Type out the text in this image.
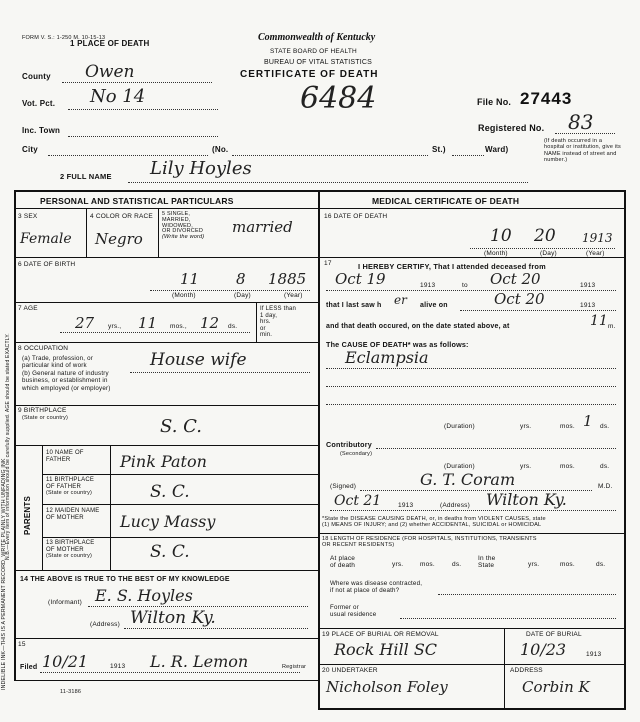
FORM V. S.: 1-250 M. 10-15-13	Commonwealth of Kentucky
STATE BOARD OF HEALTH
BUREAU OF VITAL STATISTICS
CERTIFICATE OF DEATH
1 PLACE OF DEATH
County Owen
Vot. Pct. No 14	6484	File No. 27443
Inc. Town	Registered No. 83
City	(No.	St.)	Ward)
(If death occurred in a hospital or institution, give its NAME instead of street and number.)
2 FULL NAME Lily Hoyles
PERSONAL AND STATISTICAL PARTICULARS	MEDICAL CERTIFICATE OF DEATH
3 SEX
Female
4 COLOR OR RACE
Negro
5 SINGLE,
MARRIED,
WIDOWED,
OR DIVORCED
(Write the word)
married
6 DATE OF BIRTH
11 8 1885
(Month)	(Day)	(Year)
7 AGE
27 yrs., 11 mos., 12 ds.
If LESS than
1 day,
hrs.
or
min.
8 OCCUPATION
(a) Trade, profession, or
particular kind of work
(b) General nature of industry
business, or establishment in
which employed (or employer)
House wife
9 BIRTHPLACE
(State or country)	S. C.
PARENTS
10 NAME OF
FATHER	Pink Paton
11 BIRTHPLACE
OF FATHER
(State or country)	S. C.
12 MAIDEN NAME
OF MOTHER	Lucy Massy
13 BIRTHPLACE
OF MOTHER
(State or country)	S. C.
14 THE ABOVE IS TRUE TO THE BEST OF MY KNOWLEDGE
(Informant) E. S. Hoyles
(Address) Wilton Ky.
15
Filed 10/21	1913 L. R. Lemon	Registrar
11-3186
16 DATE OF DEATH
10 20 1913
(Month)	(Day)	(Year)
17	I HEREBY CERTIFY, That I attended deceased from
Oct 19	1913	to Oct 20	1913
that I last saw h er alive on	Oct 20	1913
and that death occured, on the date stated above, at	11 m.
The CAUSE OF DEATH* was as follows:
Eclampsia
(Duration)	yrs.	mos. 1 ds.
Contributory
(Secondary)
(Duration)	yrs.	mos.	ds.
(Signed)	G. T. Coram	M.D.
Oct 21	1913	(Address) Wilton Ky.
*State the DISEASE CAUSING DEATH, or, in deaths from VIOLENT CAUSES, state
(1) MEANS OF INJURY; and (2) whether ACCIDENTAL, SUICIDAL or HOMICIDAL
18 LENGTH OF RESIDENCE (FOR HOSPITALS, INSTITUTIONS, TRANSIENTS
OR RECENT RESIDENTS)
At place
of death	yrs.	mos.	ds.
In the
State	yrs.	mos.	ds.
Where was disease contracted,
if not at place of death?
Former or
usual residence
19 PLACE OF BURIAL OR REMOVAL
Rock Hill SC
DATE OF BURIAL
10/23	1913
20 UNDERTAKER
Nicholson Foley
ADDRESS
Corbin K
INDELIBLE INK—THIS IS A PERMANENT RECORD. WRITE PLAINLY WITH UNFADING INK
N.B.—Every item of information should be carefully supplied. AGE should be stated EXACTLY.
